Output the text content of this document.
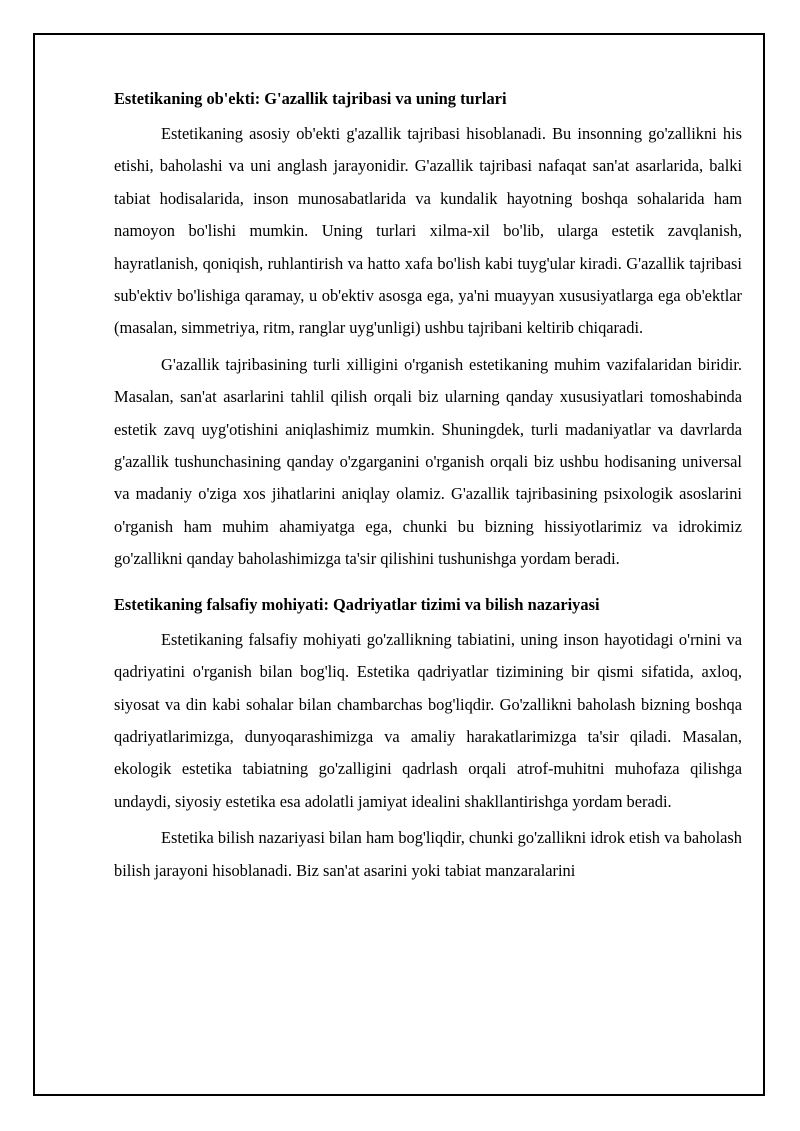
Estetikaning ob'ekti: G'azallik tajribasi va uning turlari

Estetikaning asosiy ob'ekti g'azallik tajribasi hisoblanadi. Bu insonning go'zallikni his etishi, baholashi va uni anglash jarayonidir. G'azallik tajribasi nafaqat san'at asarlarida, balki tabiat hodisalarida, inson munosabatlarida va kundalik hayotning boshqa sohalarida ham namoyon bo'lishi mumkin. Uning turlari xilma-xil bo'lib, ularga estetik zavqlanish, hayratlanish, qoniqish, ruhlantirish va hatto xafa bo'lish kabi tuyg'ular kiradi. G'azallik tajribasi sub'ektiv bo'lishiga qaramay, u ob'ektiv asosga ega, ya'ni muayyan xususiyatlarga ega ob'ektlar (masalan, simmetriya, ritm, ranglar uyg'unligi) ushbu tajribani keltirib chiqaradi.

G'azallik tajribasining turli xilligini o'rganish estetikaning muhim vazifalaridan biridir. Masalan, san'at asarlarini tahlil qilish orqali biz ularning qanday xususiyatlari tomoshabinda estetik zavq uyg'otishini aniqlashimiz mumkin. Shuningdek, turli madaniyatlar va davrlarda g'azallik tushunchasining qanday o'zgarganini o'rganish orqali biz ushbu hodisaning universal va madaniy o'ziga xos jihatlarini aniqlay olamiz. G'azallik tajribasining psixologik asoslarini o'rganish ham muhim ahamiyatga ega, chunki bu bizning hissiyotlarimiz va idrokimiz go'zallikni qanday baholashimizga ta'sir qilishini tushunishga yordam beradi.

Estetikaning falsafiy mohiyati: Qadriyatlar tizimi va bilish nazariyasi

Estetikaning falsafiy mohiyati go'zallikning tabiatini, uning inson hayotidagi o'rnini va qadriyatini o'rganish bilan bog'liq. Estetika qadriyatlar tizimining bir qismi sifatida, axloq, siyosat va din kabi sohalar bilan chambarchas bog'liqdir. Go'zallikni baholash bizning boshqa qadriyatlarimizga, dunyoqarashimizga va amaliy harakatlarimizga ta'sir qiladi. Masalan, ekologik estetika tabiatning go'zalligini qadrlash orqali atrof-muhitni muhofaza qilishga undaydi, siyosiy estetika esa adolatli jamiyat idealini shakllantirishga yordam beradi.

Estetika bilish nazariyasi bilan ham bog'liqdir, chunki go'zallikni idrok etish va baholash bilish jarayoni hisoblanadi. Biz san'at asarini yoki tabiat manzaralarini
